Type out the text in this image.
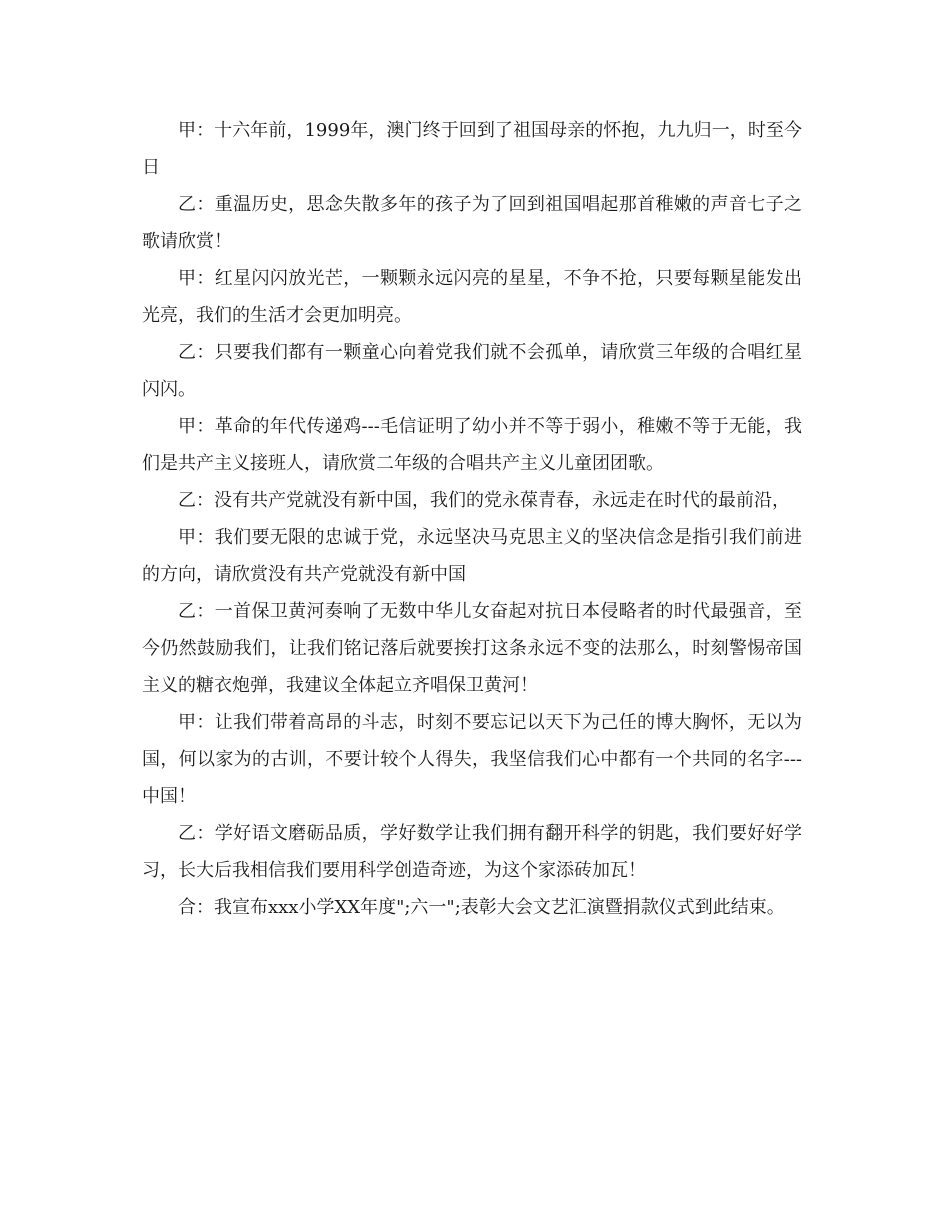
甲：十六年前，1999年，澳门终于回到了祖国母亲的怀抱，九九归一，时至今日

乙：重温历史，思念失散多年的孩子为了回到祖国唱起那首稚嫩的声音七子之歌请欣赏！

甲：红星闪闪放光芒，一颗颗永远闪亮的星星，不争不抢，只要每颗星能发出光亮，我们的生活才会更加明亮。

乙：只要我们都有一颗童心向着党我们就不会孤单，请欣赏三年级的合唱红星闪闪。

甲：革命的年代传递鸡---毛信证明了幼小并不等于弱小，稚嫩不等于无能，我们是共产主义接班人，请欣赏二年级的合唱共产主义儿童团团歌。

乙：没有共产党就没有新中国，我们的党永葆青春，永远走在时代的最前沿，

甲：我们要无限的忠诚于党，永远坚决马克思主义的坚决信念是指引我们前进的方向，请欣赏没有共产党就没有新中国

乙：一首保卫黄河奏响了无数中华儿女奋起对抗日本侵略者的时代最强音，至今仍然鼓励我们，让我们铭记落后就要挨打这条永远不变的法那么，时刻警惕帝国主义的糖衣炮弹，我建议全体起立齐唱保卫黄河！

甲：让我们带着高昂的斗志，时刻不要忘记以天下为己任的博大胸怀，无以为国，何以家为的古训，不要计较个人得失，我坚信我们心中都有一个共同的名字---中国！

乙：学好语文磨砺品质，学好数学让我们拥有翻开科学的钥匙，我们要好好学习，长大后我相信我们要用科学创造奇迹，为这个家添砖加瓦！

合：我宣布xxx小学XX年度";六一";表彰大会文艺汇演暨捐款仪式到此结束。
